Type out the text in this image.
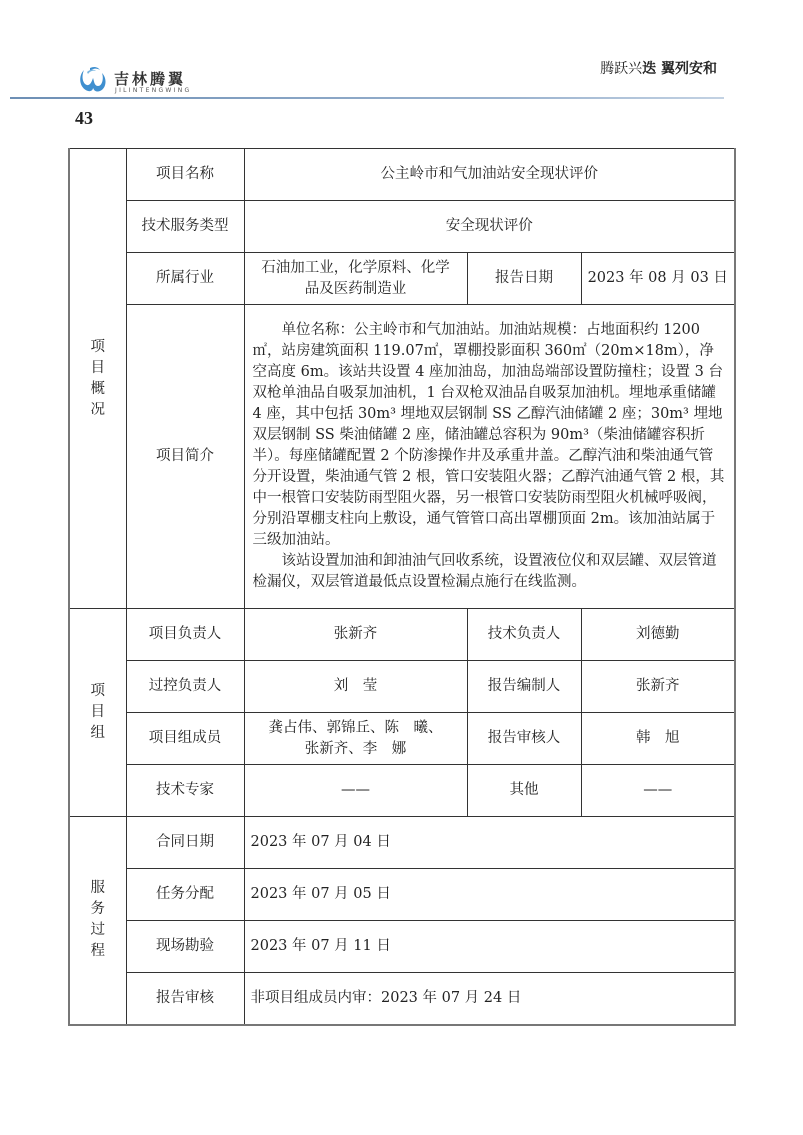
吉林腾翼
JILINTENGWING
腾跃兴迭 翼列安和
43
项目概况	项目名称	公主岭市和气加油站安全现状评价		
	技术服务类型	安全现状评价		
	所属行业	石油加工业，化学原料、化学品及医药制造业	报告日期	2023 年 08 月 03 日
	项目简介	单位名称：公主岭市和气加油站。加油站规模：占地面积约 1200㎡，站房建筑面积 119.07㎡，罩棚投影面积 360㎡（20m×18m），净空高度 6m。该站共设置 4 座加油岛，加油岛端部设置防撞柱；设置 3 台双枪单油品自吸泵加油机，1 台双枪双油品自吸泵加油机。埋地承重储罐 4 座，其中包括 30m³ 埋地双层钢制 SS 乙醇汽油储罐 2 座；30m³ 埋地双层钢制 SS 柴油储罐 2 座，储油罐总容积为 90m³（柴油储罐容积折半）。每座储罐配置 2 个防渗操作井及承重井盖。乙醇汽油和柴油通气管分开设置，柴油通气管 2 根，管口安装阻火器；乙醇汽油通气管 2 根，其中一根管口安装防雨型阻火器，另一根管口安装防雨型阻火机械呼吸阀，分别沿罩棚支柱向上敷设，通气管管口高出罩棚顶面 2m。该加油站属于三级加油站。

该站设置加油和卸油油气回收系统，设置液位仪和双层罐、双层管道检漏仪，双层管道最低点设置检漏点施行在线监测。		

项目组	项目负责人	张新齐	技术负责人	刘德勤
	过控负责人	刘　莹	报告编制人	张新齐
	项目组成员	龚占伟、郭锦丘、陈　曦、张新齐、李　娜	报告审核人	韩　旭
	技术专家	——	其他	——
服务过程	合同日期	2023 年 07 月 04 日		
	任务分配	2023 年 07 月 05 日		
	现场勘验	2023 年 07 月 11 日		
	报告审核	非项目组成员内审：2023 年 07 月 24 日		
